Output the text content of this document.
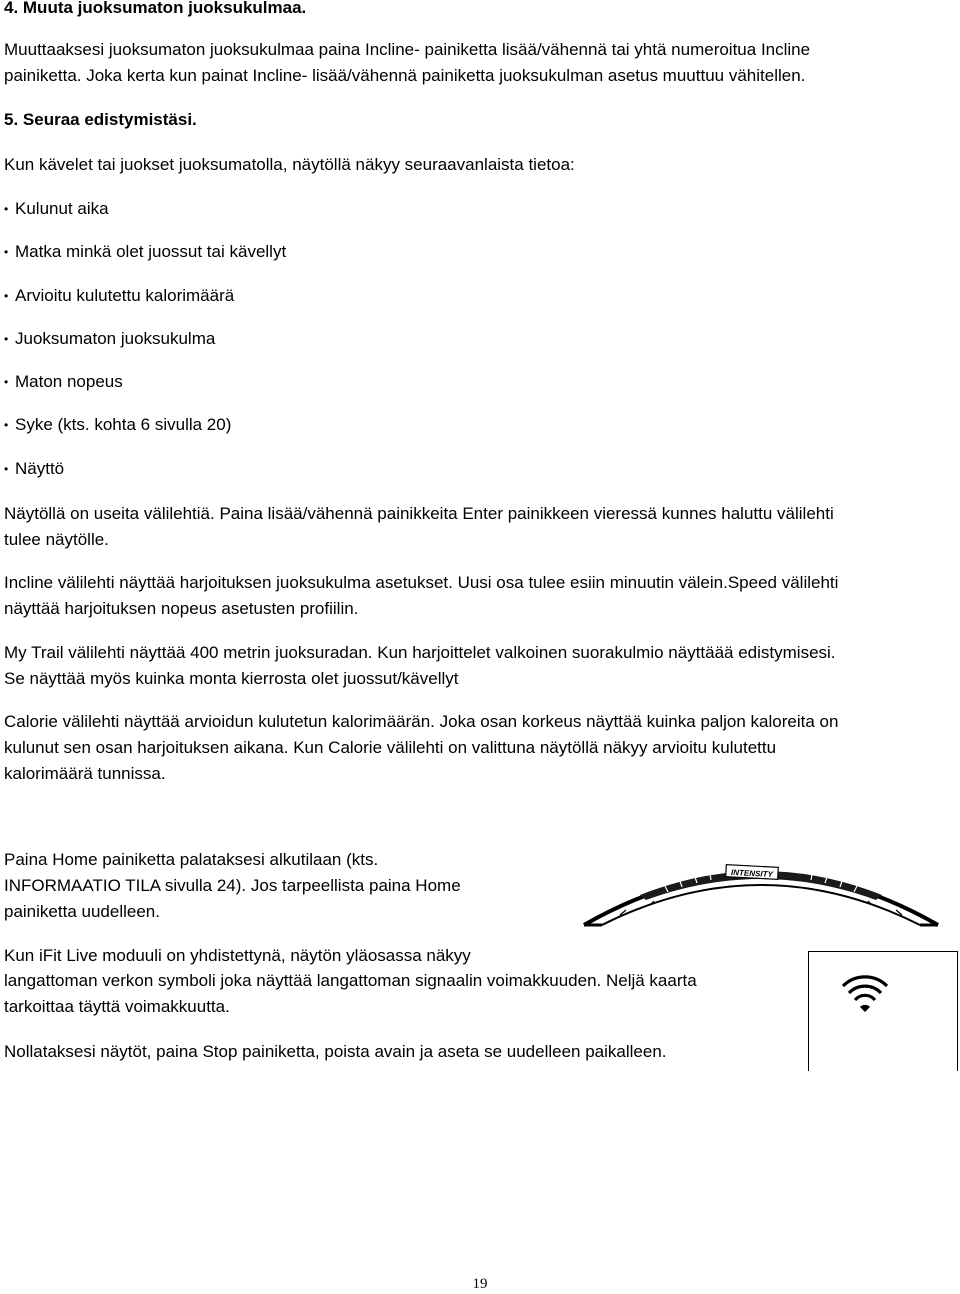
4. Muuta juoksumaton juoksukulmaa.

Muuttaaksesi juoksumaton juoksukulmaa paina Incline- painiketta lisää/vähennä tai yhtä numeroitua Incline

painiketta. Joka kerta kun painat Incline- lisää/vähennä painiketta juoksukulman asetus muuttuu vähitellen.

5. Seuraa edistymistäsi.

Kun kävelet tai juokset juoksumatolla, näytöllä näkyy seuraavanlaista tietoa:

• Kulunut aika

• Matka minkä olet juossut tai kävellyt

• Arvioitu kulutettu kalorimäärä

• Juoksumaton juoksukulma

• Maton nopeus

• Syke (kts. kohta 6 sivulla 20)

• Näyttö

Näytöllä on useita välilehtiä. Paina lisää/vähennä painikkeita Enter painikkeen vieressä kunnes haluttu välilehti

tulee näytölle.

Incline välilehti näyttää harjoituksen juoksukulma asetukset. Uusi osa tulee esiin minuutin välein.Speed välilehti

näyttää harjoituksen nopeus asetusten profiilin.

My Trail välilehti näyttää 400 metrin juoksuradan. Kun harjoittelet valkoinen suorakulmio näyttäää edistymisesi.

Se näyttää myös kuinka monta kierrosta olet juossut/kävellyt

Calorie välilehti näyttää arvioidun kulutetun kalorimäärän. Joka osan korkeus näyttää kuinka paljon kaloreita on

kulunut sen osan harjoituksen aikana. Kun Calorie välilehti on valittuna näytöllä näkyy arvioitu kulutettu

kalorimäärä tunnissa.

Paina Home painiketta palataksesi alkutilaan (kts.

INFORMAATIO TILA sivulla 24). Jos tarpeellista paina Home

painiketta uudelleen.

Kun iFit Live moduuli on yhdistettynä, näytön yläosassa näkyy

langattoman verkon symboli joka näyttää langattoman signaalin voimakkuuden. Neljä kaarta

tarkoittaa täyttä voimakkuutta.

Nollataksesi näytöt, paina Stop painiketta, poista avain ja aseta se uudelleen paikalleen.

INTENSITY
19
